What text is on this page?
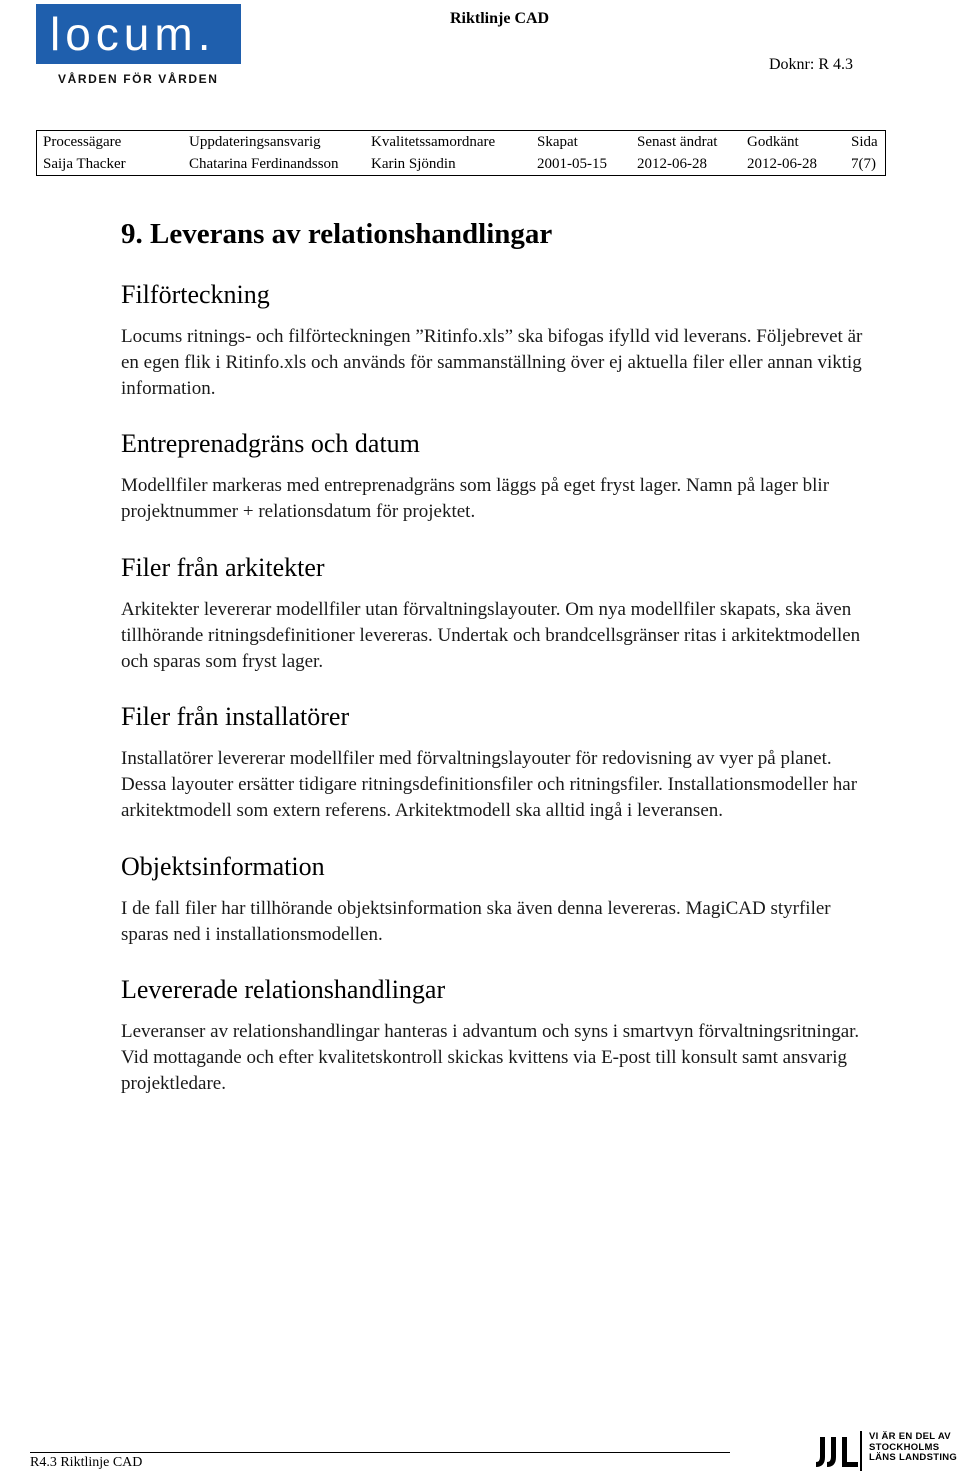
locum.
VÅRDEN FÖR VÅRDEN
Riktlinje CAD
Doknr: R 4.3
Processägare	Uppdateringsansvarig	Kvalitetssamordnare	Skapat	Senast ändrat	Godkänt	Sida
Saija Thacker	Chatarina Ferdinandsson	Karin Sjöndin	2001-05-15	2012-06-28	2012-06-28	7(7)
9. Leverans av relationshandlingar
Filförteckning

Locums ritnings- och filförteckningen ”Ritinfo.xls” ska bifogas ifylld vid leverans. Följebrevet är en egen flik i Ritinfo.xls och används för sammanställning över ej aktuella filer eller annan viktig information.

Entreprenadgräns och datum

Modellfiler markeras med entreprenadgräns som läggs på eget fryst lager. Namn på lager blir projektnummer + relationsdatum för projektet.

Filer från arkitekter

Arkitekter levererar modellfiler utan förvaltningslayouter. Om nya modellfiler skapats, ska även tillhörande ritningsdefinitioner levereras. Undertak och brandcellsgränser ritas i arkitektmodellen och sparas som fryst lager.

Filer från installatörer

Installatörer levererar modellfiler med förvaltningslayouter för redovisning av vyer på planet. Dessa layouter ersätter tidigare ritningsdefinitionsfiler och ritningsfiler. Installationsmodeller har arkitektmodell som extern referens. Arkitektmodell ska alltid ingå i leveransen.

Objektsinformation

I de fall filer har tillhörande objektsinformation ska även denna levereras. MagiCAD styrfiler sparas ned i installationsmodellen.

Levererade relationshandlingar

Leveranser av relationshandlingar hanteras i advantum och syns i smartvyn förvaltningsritningar. Vid mottagande och efter kvalitetskontroll skickas kvittens via E-post till konsult samt ansvarig projektledare.

R4.3 Riktlinje CAD
VI ÄR EN DEL AV
STOCKHOLMS
LÄNS LANDSTING
